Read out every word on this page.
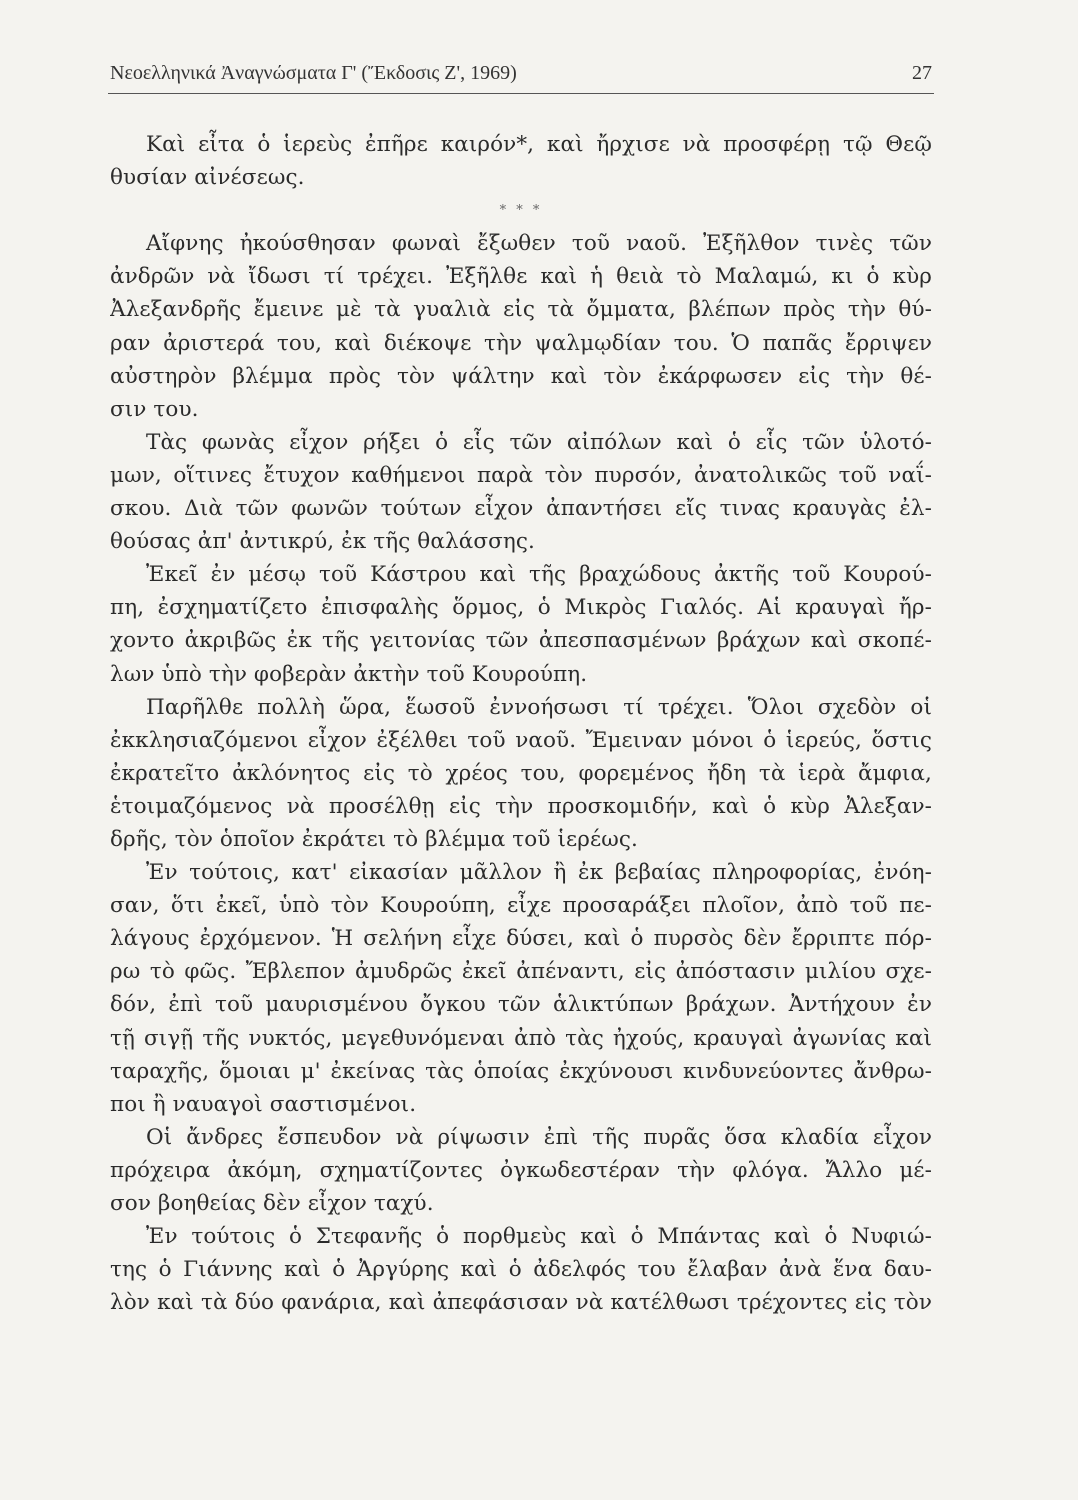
Νεοελληνικά Ἀναγνώσματα Γ' (Ἔκδοσις Ζ', 1969)	27
Καὶ εἶτα ὁ ἱερεὺς ἐπῆρε καιρόν*, καὶ ἤρχισε νὰ προσφέρῃ τῷ Θεῷ
θυσίαν αἰνέσεως.
* * *
Αἴφνης ἠκούσθησαν φωναὶ ἔξωθεν τοῦ ναοῦ. Ἐξῆλθον τινὲς τῶν
ἀνδρῶν νὰ ἴδωσι τί τρέχει. Ἐξῆλθε καὶ ἡ θειὰ τὸ Μαλαμώ, κι ὁ κὺρ
Ἀλεξανδρῆς ἔμεινε μὲ τὰ γυαλιὰ εἰς τὰ ὄμματα, βλέπων πρὸς τὴν θύ-
ραν ἀριστερά του, καὶ διέκοψε τὴν ψαλμῳδίαν του. Ὁ παπᾶς ἔρριψεν
αὐστηρὸν βλέμμα πρὸς τὸν ψάλτην καὶ τὸν ἐκάρφωσεν εἰς τὴν θέ-
σιν του.
Τὰς φωνὰς εἶχον ρήξει ὁ εἷς τῶν αἰπόλων καὶ ὁ εἷς τῶν ὑλοτό-
μων, οἵτινες ἔτυχον καθήμενοι παρὰ τὸν πυρσόν, ἀνατολικῶς τοῦ ναΐ-
σκου. Διὰ τῶν φωνῶν τούτων εἶχον ἀπαντήσει εἴς τινας κραυγὰς ἐλ-
θούσας ἀπ' ἀντικρύ, ἐκ τῆς θαλάσσης.
Ἐκεῖ ἐν μέσῳ τοῦ Κάστρου καὶ τῆς βραχώδους ἀκτῆς τοῦ Κουρού-
πη, ἐσχηματίζετο ἐπισφαλὴς ὅρμος, ὁ Μικρὸς Γιαλός. Αἱ κραυγαὶ ἤρ-
χοντο ἀκριβῶς ἐκ τῆς γειτονίας τῶν ἀπεσπασμένων βράχων καὶ σκοπέ-
λων ὑπὸ τὴν φοβερὰν ἀκτὴν τοῦ Κουρούπη.
Παρῆλθε πολλὴ ὥρα, ἕωσοῦ ἐννοήσωσι τί τρέχει. Ὅλοι σχεδὸν οἱ
ἐκκλησιαζόμενοι εἶχον ἐξέλθει τοῦ ναοῦ. Ἔμειναν μόνοι ὁ ἱερεύς, ὅστις
ἐκρατεῖτο ἀκλόνητος εἰς τὸ χρέος του, φορεμένος ἤδη τὰ ἱερὰ ἄμφια,
ἑτοιμαζόμενος νὰ προσέλθῃ εἰς τὴν προσκομιδήν, καὶ ὁ κὺρ Ἀλεξαν-
δρῆς, τὸν ὁποῖον ἐκράτει τὸ βλέμμα τοῦ ἱερέως.
Ἐν τούτοις, κατ' εἰκασίαν μᾶλλον ἢ ἐκ βεβαίας πληροφορίας, ἐνόη-
σαν, ὅτι ἐκεῖ, ὑπὸ τὸν Κουρούπη, εἶχε προσαράξει πλοῖον, ἀπὸ τοῦ πε-
λάγους ἐρχόμενον. Ἡ σελήνη εἶχε δύσει, καὶ ὁ πυρσὸς δὲν ἔρριπτε πόρ-
ρω τὸ φῶς. Ἔβλεπον ἀμυδρῶς ἐκεῖ ἀπέναντι, εἰς ἀπόστασιν μιλίου σχε-
δόν, ἐπὶ τοῦ μαυρισμένου ὄγκου τῶν ἁλικτύπων βράχων. Ἀντήχουν ἐν
τῇ σιγῇ τῆς νυκτός, μεγεθυνόμεναι ἀπὸ τὰς ἠχούς, κραυγαὶ ἀγωνίας καὶ
ταραχῆς, ὅμοιαι μ' ἐκείνας τὰς ὁποίας ἐκχύνουσι κινδυνεύοντες ἄνθρω-
ποι ἢ ναυαγοὶ σαστισμένοι.
Οἱ ἄνδρες ἔσπευδον νὰ ρίψωσιν ἐπὶ τῆς πυρᾶς ὅσα κλαδία εἶχον
πρόχειρα ἀκόμη, σχηματίζοντες ὀγκωδεστέραν τὴν φλόγα. Ἄλλο μέ-
σον βοηθείας δὲν εἶχον ταχύ.
Ἐν τούτοις ὁ Στεφανῆς ὁ πορθμεὺς καὶ ὁ Μπάντας καὶ ὁ Νυφιώ-
της ὁ Γιάννης καὶ ὁ Ἀργύρης καὶ ὁ ἀδελφός του ἔλαβαν ἀνὰ ἕνα δαυ-
λὸν καὶ τὰ δύο φανάρια, καὶ ἀπεφάσισαν νὰ κατέλθωσι τρέχοντες εἰς τὸν
